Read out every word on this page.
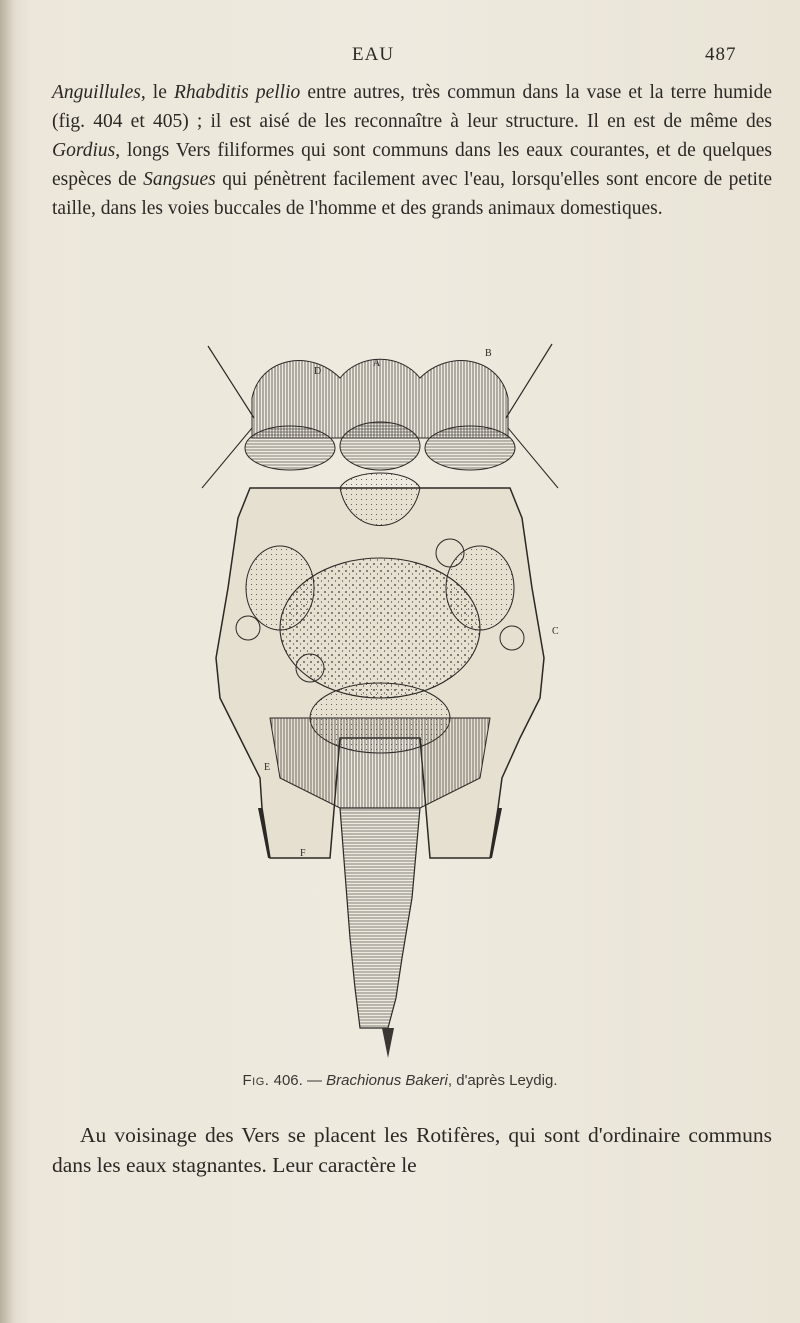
EAU	487

Anguillules, le Rhabditis pellio entre autres, très commun dans la vase et la terre humide (fig. 404 et 405) ; il est aisé de les reconnaître à leur structure. Il en est de même des Gordius, longs Vers filiformes qui sont communs dans les eaux courantes, et de quelques espèces de Sangsues qui pénètrent facilement avec l'eau, lorsqu'elles sont encore de petite taille, dans les voies buccales de l'homme et des grands animaux domestiques.

A
B
C
D
E
F
Fig. 406. — Brachionus Bakeri, d'après Leydig.

Au voisinage des Vers se placent les Rotifères, qui sont d'ordinaire communs dans les eaux stagnantes. Leur caractère le
